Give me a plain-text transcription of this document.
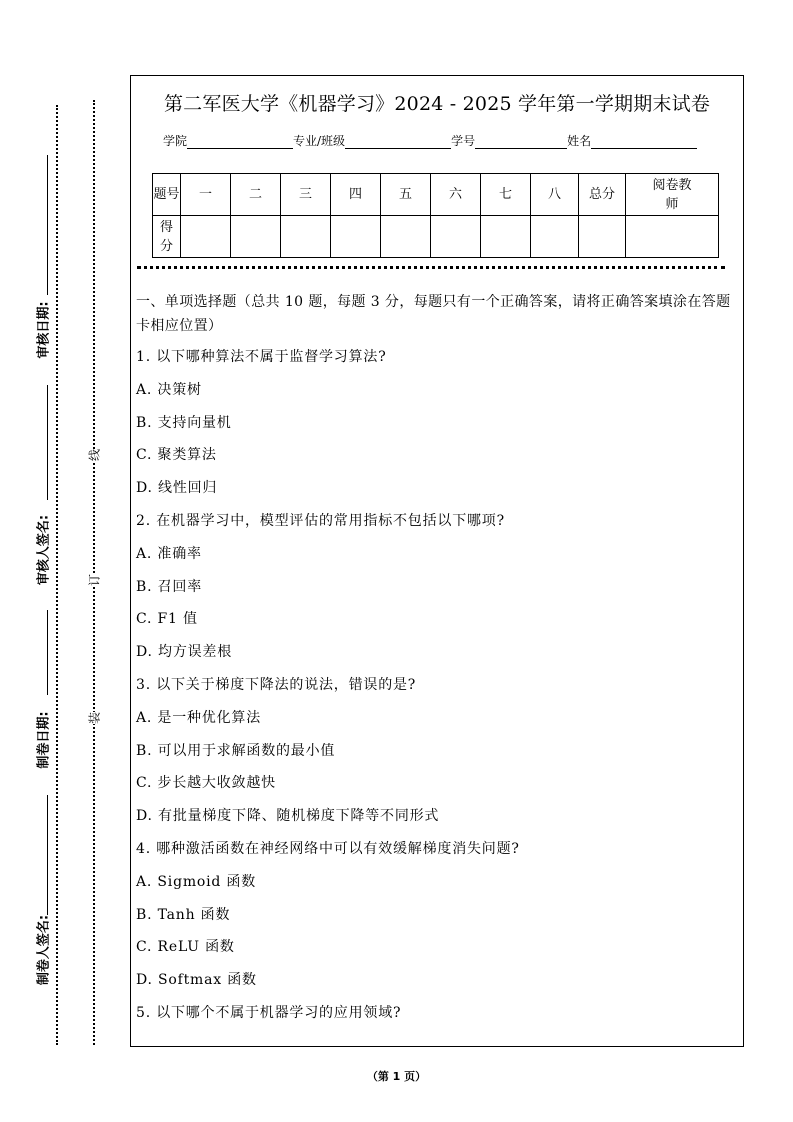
审核日期:
审核人签名:
制卷日期:
制卷人签名:
线
订
装
第二军医大学《机器学习》2024 - 2025 学年第一学期期末试卷
学院	专业/班级	学号	姓名
题号	一	二	三	四	五	六	七	八	总分	阅卷教师
得分										
一、单项选择题（总共 10 题，每题 3 分，每题只有一个正确答案，请将正确答案填涂在答题卡相应位置）
1. 以下哪种算法不属于监督学习算法?
A. 决策树
B. 支持向量机
C. 聚类算法
D. 线性回归
2. 在机器学习中，模型评估的常用指标不包括以下哪项?
A. 准确率
B. 召回率
C. F1 值
D. 均方误差根
3. 以下关于梯度下降法的说法，错误的是?
A. 是一种优化算法
B. 可以用于求解函数的最小值
C. 步长越大收敛越快
D. 有批量梯度下降、随机梯度下降等不同形式
4. 哪种激活函数在神经网络中可以有效缓解梯度消失问题?
A. Sigmoid 函数
B. Tanh 函数
C. ReLU 函数
D. Softmax 函数
5. 以下哪个不属于机器学习的应用领域?
（第 1 页）
